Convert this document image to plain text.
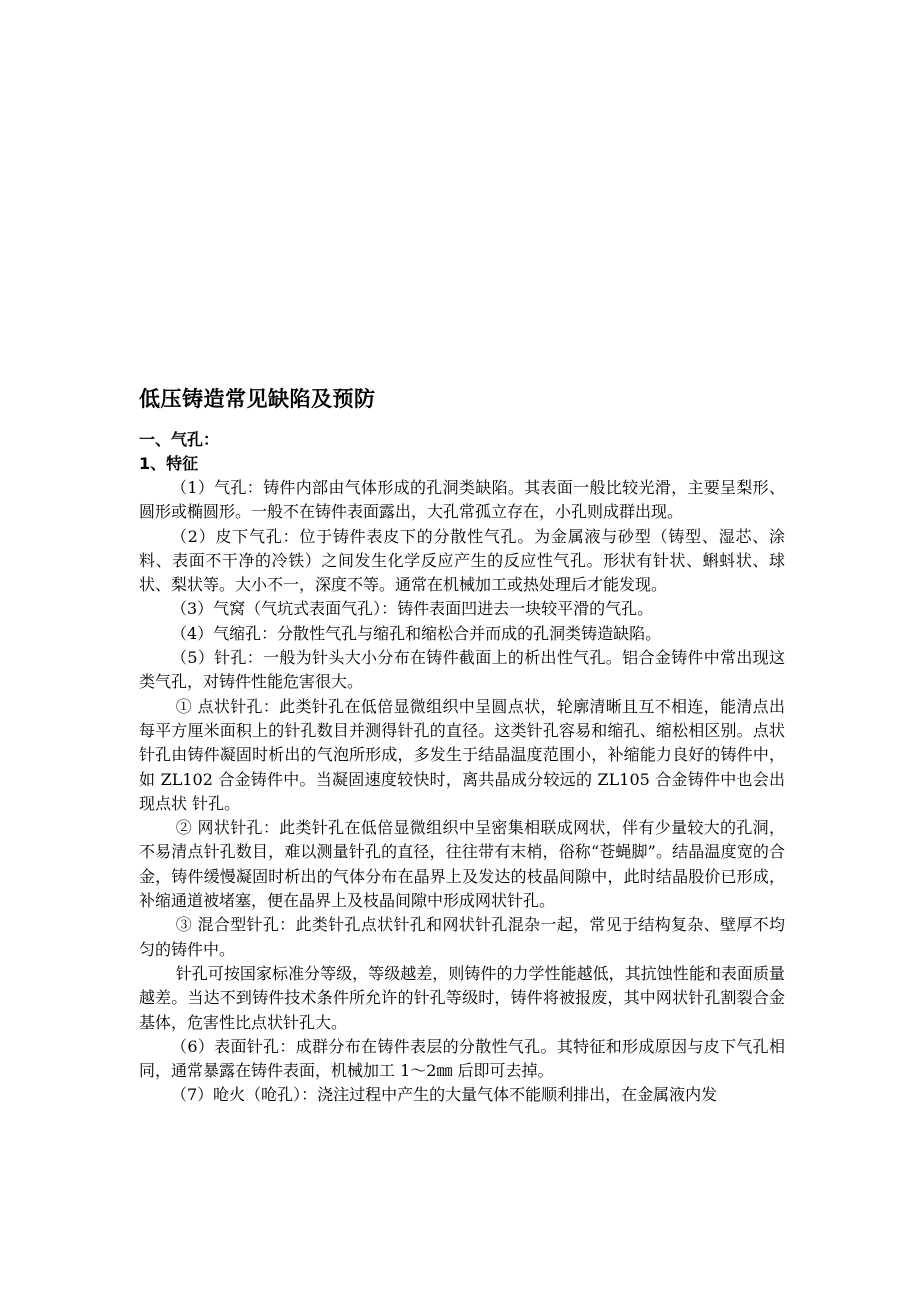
低压铸造常见缺陷及预防
一、气孔：
1、特征

（1）气孔：铸件内部由气体形成的孔洞类缺陷。其表面一般比较光滑，主要呈梨形、圆形或椭圆形。一般不在铸件表面露出，大孔常孤立存在，小孔则成群出现。

（2）皮下气孔：位于铸件表皮下的分散性气孔。为金属液与砂型（铸型、湿芯、涂料、表面不干净的冷铁）之间发生化学反应产生的反应性气孔。形状有针状、蝌蚪状、球状、梨状等。大小不一，深度不等。通常在机械加工或热处理后才能发现。

（3）气窝（气坑式表面气孔）：铸件表面凹进去一块较平滑的气孔。

（4）气缩孔：分散性气孔与缩孔和缩松合并而成的孔洞类铸造缺陷。

（5）针孔：一般为针头大小分布在铸件截面上的析出性气孔。铝合金铸件中常出现这类气孔，对铸件性能危害很大。

① 点状针孔：此类针孔在低倍显微组织中呈圆点状，轮廓清晰且互不相连，能清点出每平方厘米面积上的针孔数目并测得针孔的直径。这类针孔容易和缩孔、缩松相区别。点状针孔由铸件凝固时析出的气泡所形成，多发生于结晶温度范围小，补缩能力良好的铸件中，如 ZL102 合金铸件中。当凝固速度较快时，离共晶成分较远的 ZL105 合金铸件中也会出现点状 针孔。

② 网状针孔：此类针孔在低倍显微组织中呈密集相联成网状，伴有少量较大的孔洞，不易清点针孔数目，难以测量针孔的直径，往往带有末梢，俗称“苍蝇脚”。结晶温度宽的合金，铸件缓慢凝固时析出的气体分布在晶界上及发达的枝晶间隙中，此时结晶股价已形成，补缩通道被堵塞，便在晶界上及枝晶间隙中形成网状针孔。

③ 混合型针孔：此类针孔点状针孔和网状针孔混杂一起，常见于结构复杂、壁厚不均匀的铸件中。

针孔可按国家标准分等级，等级越差，则铸件的力学性能越低，其抗蚀性能和表面质量越差。当达不到铸件技术条件所允许的针孔等级时，铸件将被报废，其中网状针孔割裂合金基体，危害性比点状针孔大。

（6）表面针孔：成群分布在铸件表层的分散性气孔。其特征和形成原因与皮下气孔相同，通常暴露在铸件表面，机械加工 1～2㎜ 后即可去掉。

（7）呛火（呛孔）：浇注过程中产生的大量气体不能顺利排出，在金属液内发
